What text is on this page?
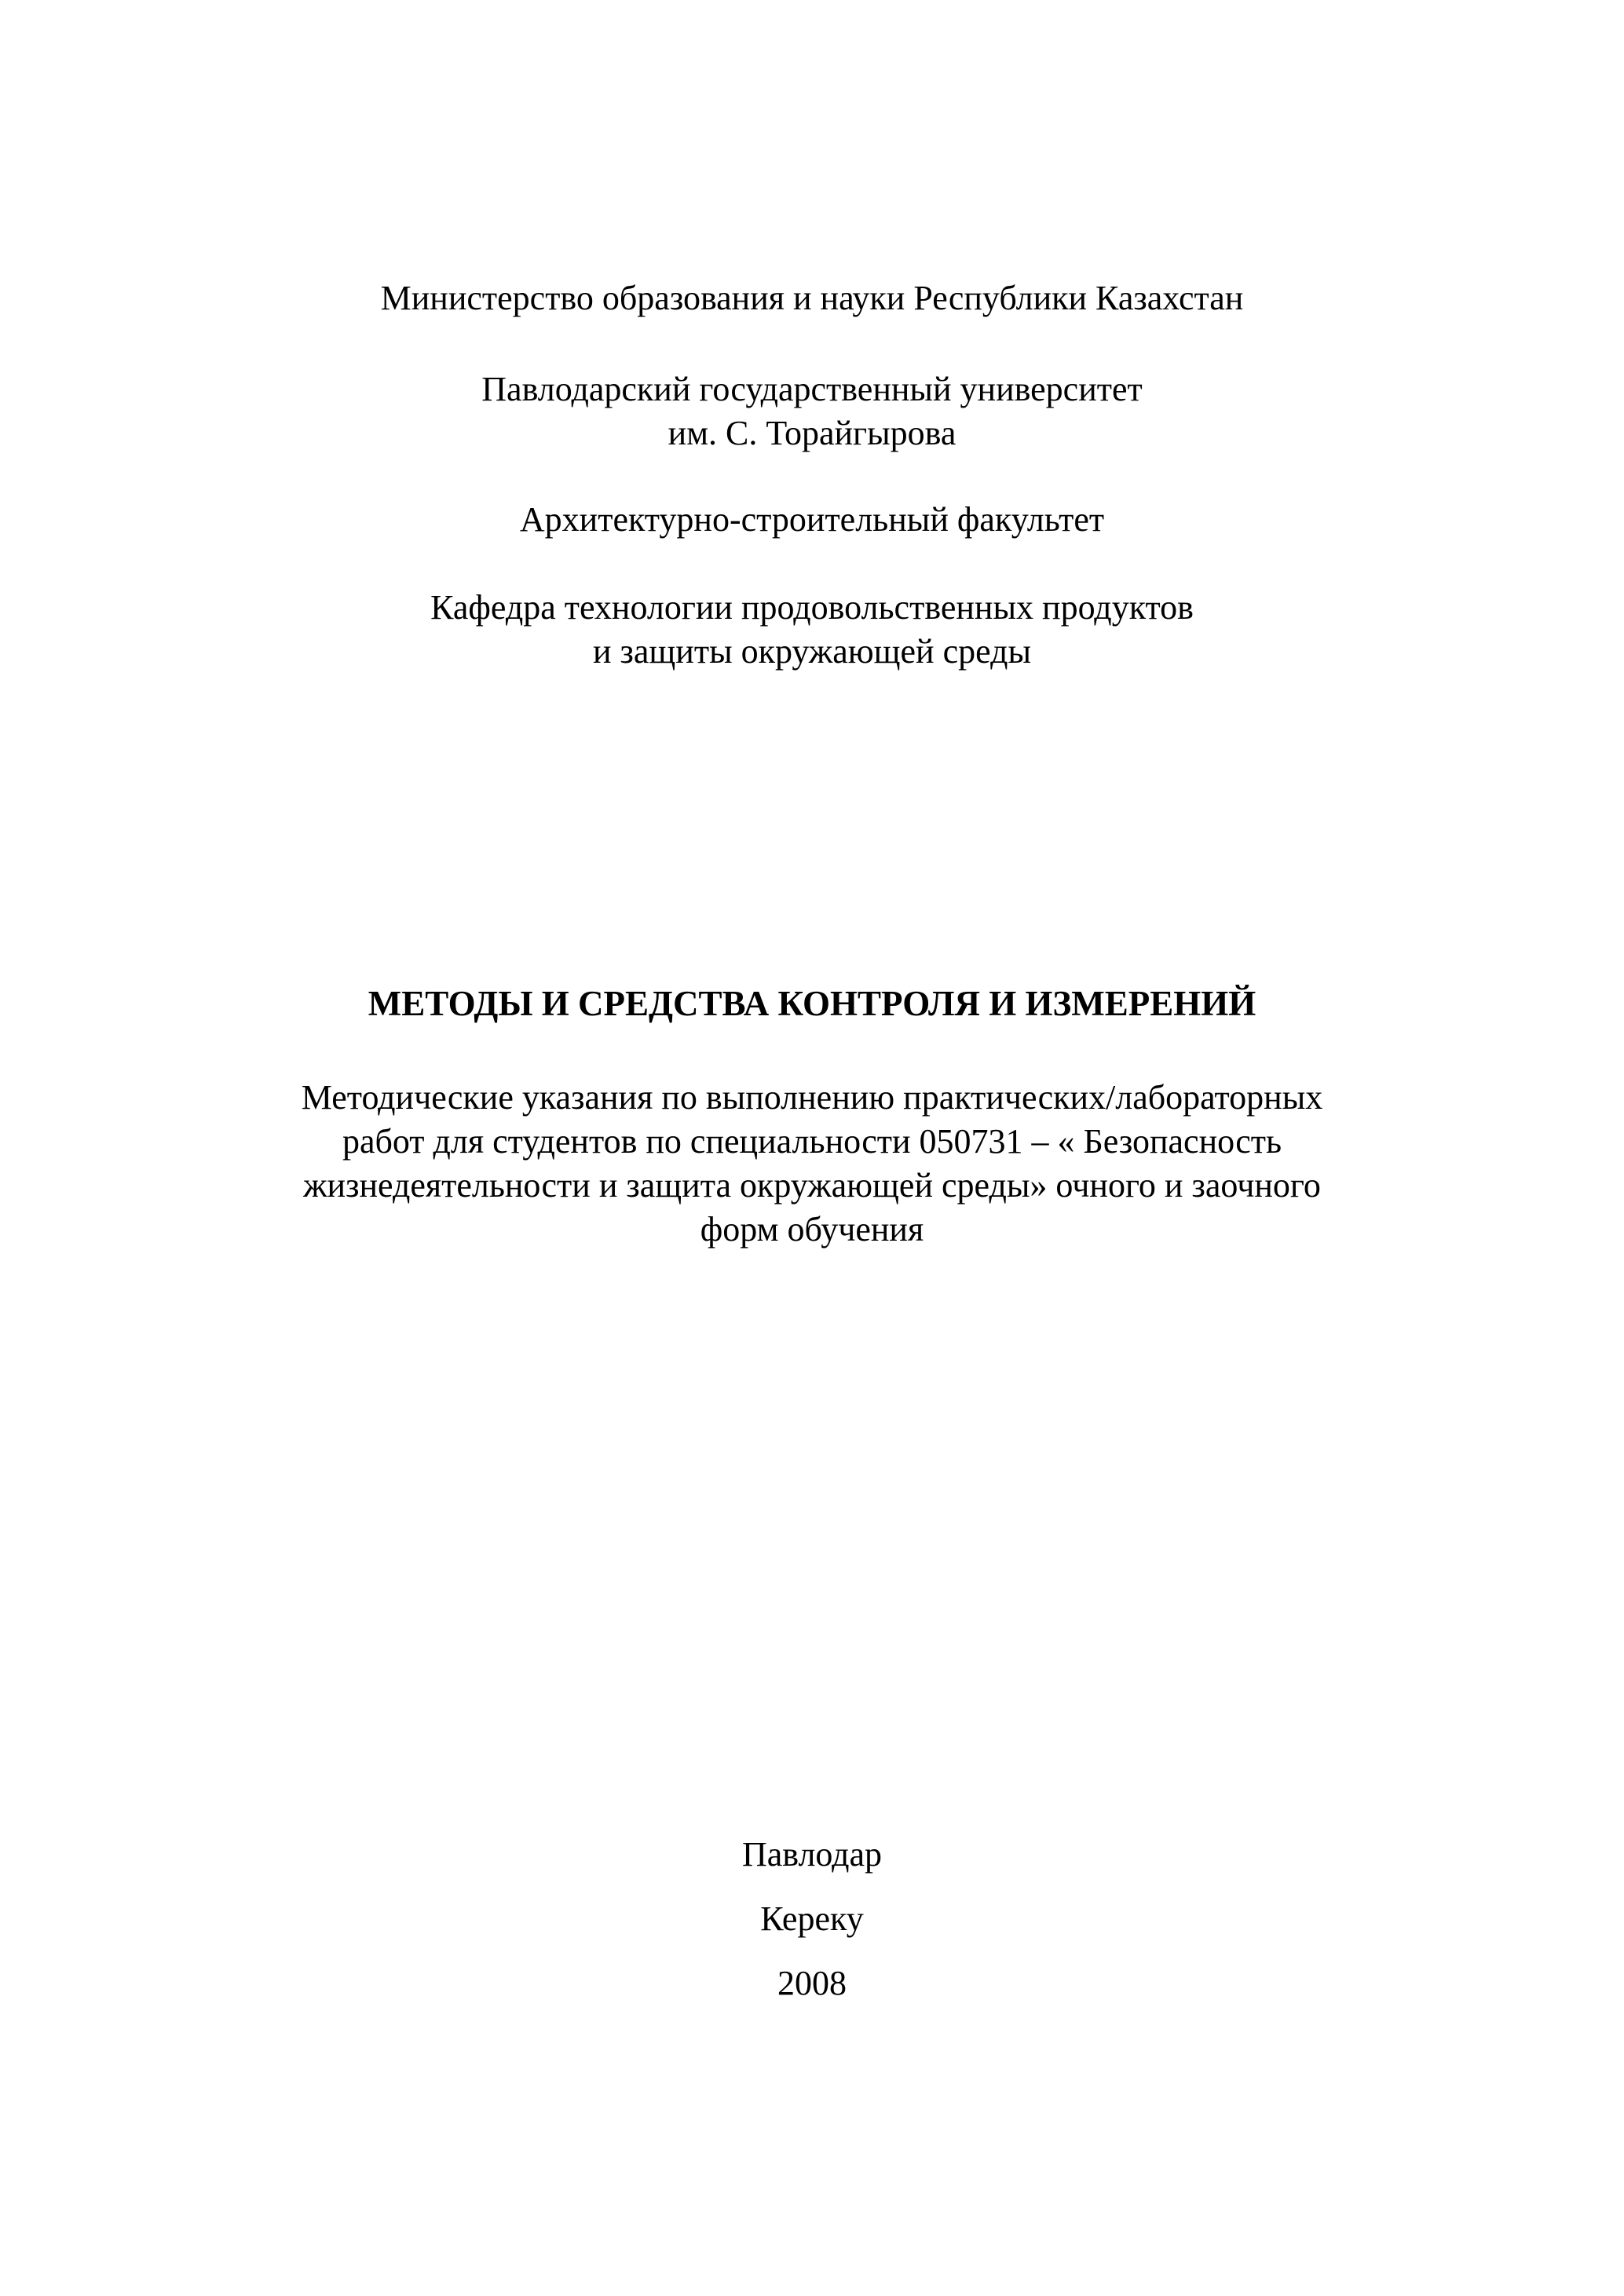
Министерство образования и науки Республики Казахстан
Павлодарский государственный университет
им. С. Торайгырова
Архитектурно-строительный факультет
Кафедра технологии продовольственных продуктов
и защиты окружающей среды
МЕТОДЫ И СРЕДСТВА КОНТРОЛЯ И ИЗМЕРЕНИЙ
Методические указания по выполнению практических/лабораторных
работ для студентов по специальности 050731 – « Безопасность
жизнедеятельности и защита окружающей среды» очного и заочного
форм обучения
Павлодар
Кереку
2008
